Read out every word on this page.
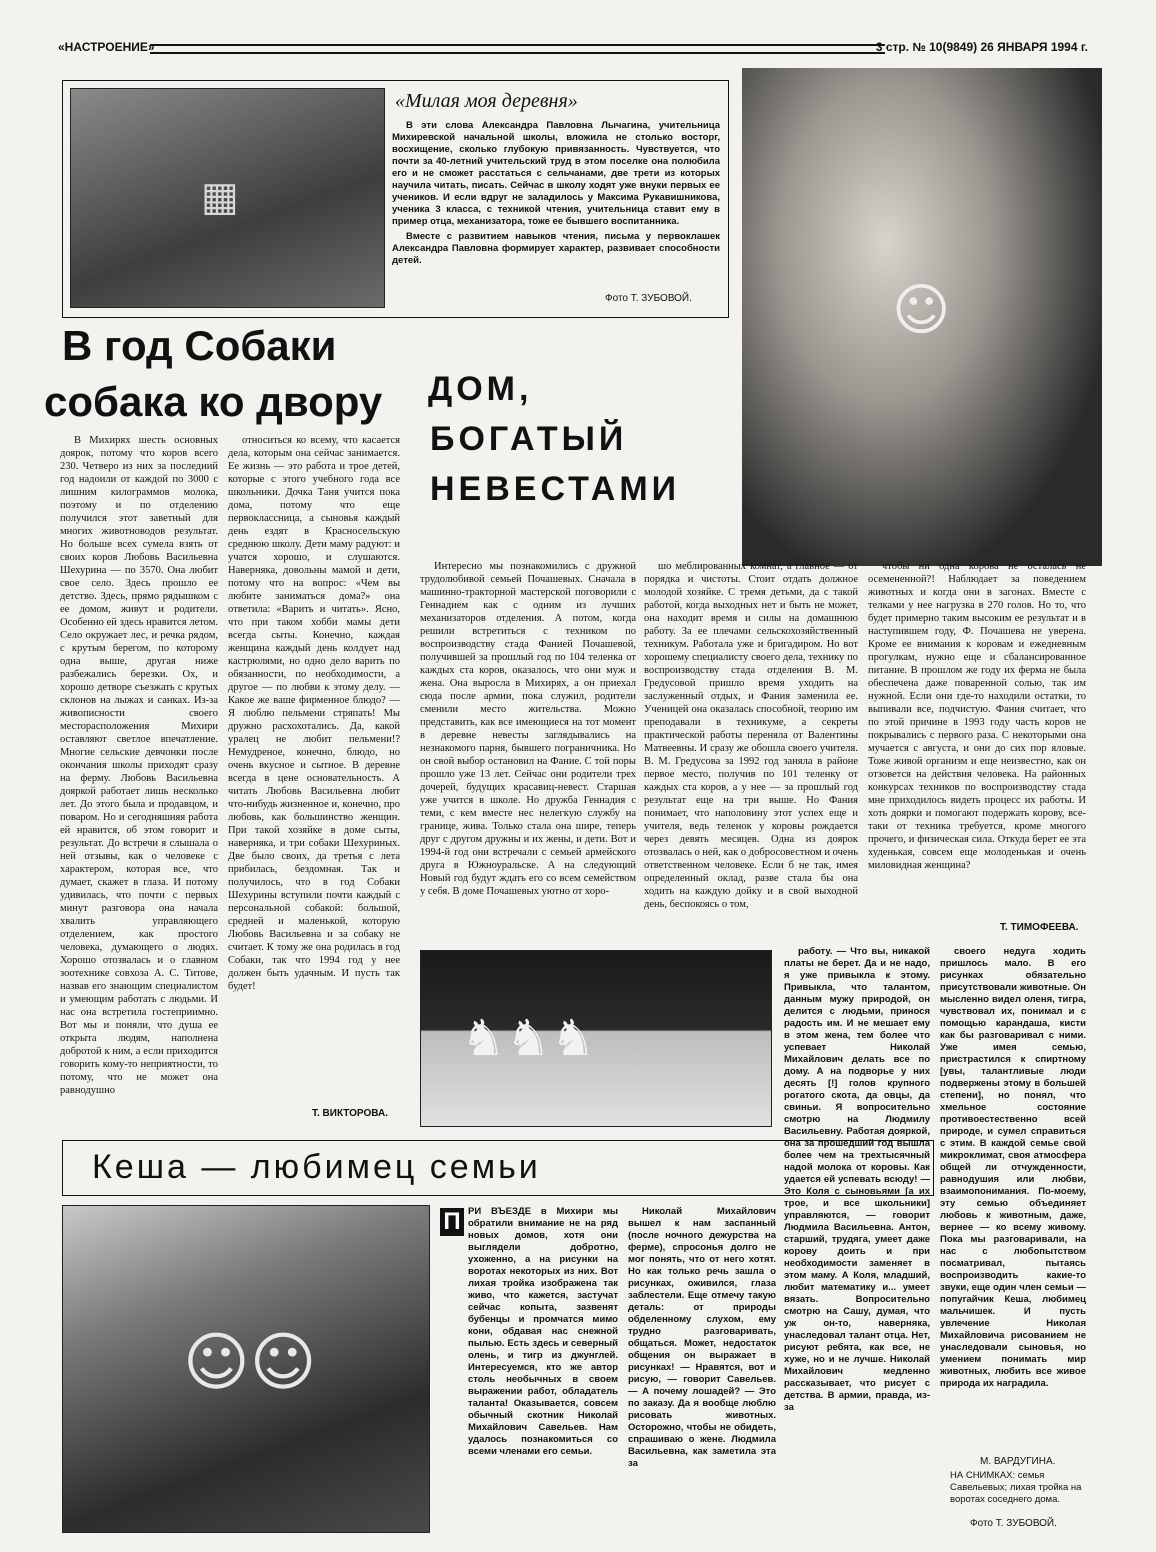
«НАСТРОЕНИЕ»	3 стр. № 10(9849) 26 ЯНВАРЯ 1994 г.
▦
«Милая моя деревня»

В эти слова Александра Павловна Лычагина, учительница Михиревской начальной школы, вложила не столько восторг, восхищение, сколько глубокую привязанность. Чувствуется, что почти за 40-летний учительский труд в этом поселке она полюбила его и не сможет расстаться с сельчанами, две трети из которых научила читать, писать. Сейчас в школу ходят уже внуки первых ее учеников. И если вдруг не заладилось у Максима Рукавишникова, ученика 3 класса, с техникой чтения, учительница ставит ему в пример отца, механизатора, тоже ее бывшего воспитанника.

Вместе с развитием навыков чтения, письма у первоклашек Александра Павловна формирует характер, развивает способности детей.

Фото Т. ЗУБОВОЙ.	☺
В год Собаки
собака ко двору ДОМ,
БОГАТЫЙ
НЕВЕСТАМИ

В Михирях шесть основных доярок, потому что коров всего 230. Четверо из них за последний год надоили от каждой по 3000 с лишним килограммов молока, поэтому и по отделению получился этот заветный для многих животноводов результат. Но больше всех сумела взять от своих коров Любовь Васильевна Шехурина — по 3570. Она любит свое село. Здесь прошло ее детство. Здесь, прямо рядышком с ее домом, живут и родители. Особенно ей здесь нравится летом. Село окружает лес, и речка рядом, с крутым берегом, по которому одна выше, другая ниже разбежались березки. Ох, и хорошо детворе съезжать с крутых склонов на лыжах и санках. Из-за живописности своего месторасположения Михири оставляют светлое впечатление. Многие сельские девчонки после окончания школы приходят сразу на ферму. Любовь Васильевна дояркой работает лишь несколько лет. До этого была и продавцом, и поваром. Но и сегодняшняя работа ей нравится, об этом говорит и результат. До встречи я слышала о ней отзывы, как о человеке с характером, которая все, что думает, скажет в глаза. И потому удивилась, что почти с первых минут разговора она начала хвалить управляющего отделением, как простого человека, думающего о людях. Хорошо отозвалась и о главном зоотехнике совхоза А. С. Титове, назвав его знающим специалистом и умеющим работать с людьми. И нас она встретила гостеприимно. Вот мы и поняли, что душа ее открыта людям, наполнена добротой к ним, а если приходится говорить кому-то неприятности, то потому, что не может она равнодушно

относиться ко всему, что касается дела, которым она сейчас занимается. Ее жизнь — это работа и трое детей, которые с этого учебного года все школьники. Дочка Таня учится пока дома, потому что еще первоклассница, а сыновья каждый день ездят в Красносельскую среднюю школу. Дети маму радуют: и учатся хорошо, и слушаются. Наверняка, довольны мамой и дети, потому что на вопрос: «Чем вы любите заниматься дома?» она ответила: «Варить и читать». Ясно, что при таком хобби мамы дети всегда сыты. Конечно, каждая женщина каждый день колдует над кастрюлями, но одно дело варить по обязанности, по необходимости, а другое — по любви к этому делу. — Какое же ваше фирменное блюдо? — Я люблю пельмени стряпать! Мы дружно расхохотались. Да, какой уралец не любит пельмени!? Немудреное, конечно, блюдо, но очень вкусное и сытное. В деревне всегда в цене основательность. А читать Любовь Васильевна любит что-нибудь жизненное и, конечно, про любовь, как большинство женщин. При такой хозяйке в доме сыты, наверняка, и три собаки Шехуриных. Две было своих, да третья с лета прибилась, бездомная. Так и получилось, что в год Собаки Шехурины вступили почти каждый с персональной собакой: большой, средней и маленькой, которую Любовь Васильевна и за собаку не считает. К тому же она родилась в год Собаки, так что 1994 год у нее должен быть удачным. И пусть так будет!

Т. ВИКТОРОВА.

Интересно мы познакомились с дружной трудолюбивой семьей Почашевых. Сначала в машинно-тракторной мастерской поговорили с Геннадием как с одним из лучших механизаторов отделения. А потом, когда решили встретиться с техником по воспроизводству стада Фанией Почашевой, получившей за прошлый год по 104 теленка от каждых ста коров, оказалось, что они муж и жена. Она выросла в Михирях, а он приехал сюда после армии, пока служил, родители сменили место жительства. Можно представить, как все имеющиеся на тот момент в деревне невесты заглядывались на незнакомого парня, бывшего пограничника. Но он свой выбор остановил на Фание. С той поры прошло уже 13 лет. Сейчас они родители трех дочерей, будущих красавиц-невест. Старшая уже учится в школе. Но дружба Геннадия с теми, с кем вместе нес нелегкую службу на границе, жива. Только стала она шире, теперь друг с другом дружны и их жены, и дети. Вот и 1994-й год они встречали с семьей армейского друга в Южноуральске. А на следующий Новый год будут ждать его со всем семейством у себя. В доме Почашевых уютно от хоро-

шо меблированных комнат, а главное — от порядка и чистоты. Стоит отдать должное молодой хозяйке. С тремя детьми, да с такой работой, когда выходных нет и быть не может, она находит время и силы на домашнюю работу. За ее плечами сельскохозяйственный техникум. Работала уже и бригадиром. Но вот хорошему специалисту своего дела, технику по воспроизводству стада отделения В. М. Гредусовой пришло время уходить на заслуженный отдых, и Фания заменила ее. Ученицей она оказалась способной, теорию им преподавали в техникуме, а секреты практической работы переняла от Валентины Матвеевны. И сразу же обошла своего учителя. В. М. Гредусова за 1992 год заняла в районе первое место, получив по 101 теленку от каждых ста коров, а у нее — за прошлый год результат еще на три выше. Но Фания понимает, что наполовину этот успех еще и учителя, ведь теленок у коровы рождается через девять месяцев. Одна из доярок отозвалась о ней, как о добросовестном и очень ответственном человеке. Если б не так, имея определенный оклад, разве стала бы она ходить на каждую дойку и в свой выходной день, беспокоясь о том,

чтобы ни одна корова не осталась не осемененной?! Наблюдает за поведением животных и когда они в загонах. Вместе с телками у нее нагрузка в 270 голов. Но то, что будет примерно таким высоким ее результат и в наступившем году, Ф. Почашева не уверена. Кроме ее внимания к коровам и ежедневным прогулкам, нужно еще и сбалансированное питание. В прошлом же году их ферма не была обеспечена даже поваренной солью, так им нужной. Если они где-то находили остатки, то выпивали все, подчистую. Фания считает, что по этой причине в 1993 году часть коров не покрывались с первого раза. С некоторыми она мучается с августа, и они до сих пор яловые. Тоже живой организм и еще неизвестно, как он отзовется на действия человека. На районных конкурсах техников по воспроизводству стада мне приходилось видеть процесс их работы. И хоть доярки и помогают подержать корову, все-таки от техника требуется, кроме многого прочего, и физическая сила. Откуда берет ее эта худенькая, совсем еще молоденькая и очень миловидная женщина?

Т. ТИМОФЕЕВА.
♞♞♞
Кеша — любимец семьи
☺☺
П РИ ВЪЕЗДЕ в Михири мы обратили внимание не на ряд новых домов, хотя они выглядели добротно, ухоженно, а на рисунки на воротах некоторых из них. Вот лихая тройка изображена так живо, что кажется, застучат сейчас копыта, зазвенят бубенцы и промчатся мимо кони, обдавая нас снежной пылью. Есть здесь и северный олень, и тигр из джунглей. Интересуемся, кто же автор столь необычных в своем выражении работ, обладатель таланта! Оказывается, совсем обычный скотник Николай Михайлович Савельев. Нам удалось познакомиться со всеми членами его семьи.

Николай Михайлович вышел к нам заспанный (после ночного дежурства на ферме), спросонья долго не мог понять, что от него хотят. Но как только речь зашла о рисунках, оживился, глаза заблестели. Еще отмечу такую деталь: от природы обделенному слухом, ему трудно разговаривать, общаться. Может, недостаток общения он выражает в рисунках! — Нравятся, вот и рисую, — говорит Савельев. — А почему лошадей? — Это по заказу. Да я вообще люблю рисовать животных. Осторожно, чтобы не обидеть, спрашиваю о жене. Людмила Васильевна, как заметила эта за

работу. — Что вы, никакой платы не берет. Да и не надо, я уже привыкла к этому. Привыкла, что талантом, данным мужу природой, он делится с людьми, принося радость им. И не мешает ему в этом жена, тем более что успевает Николай Михайлович делать все по дому. А на подворье у них десять [!] голов крупного рогатого скота, да овцы, да свиньи. Я вопросительно смотрю на Людмилу Васильевну. Работая дояркой, она за прошедший год вышла более чем на трехтысячный надой молока от коровы. Как удается ей успевать всюду! — Это Коля с сыновьями [а их трое, и все школьники] управляются, — говорит Людмила Васильевна. Антон, старший, трудяга, умеет даже корову доить и при необходимости заменяет в этом маму. А Коля, младший, любит математику и... умеет вязать. Вопросительно смотрю на Сашу, думая, что уж он-то, наверняка, унаследовал талант отца. Нет, рисуют ребята, как все, не хуже, но и не лучше. Николай Михайлович медленно рассказывает, что рисует с детства. В армии, правда, из-за

своего недуга ходить пришлось мало. В его рисунках обязательно присутствовали животные. Он мысленно видел оленя, тигра, чувствовал их, понимал и с помощью карандаша, кисти как бы разговаривал с ними. Уже имея семью, пристрастился к спиртному [увы, талантливые люди подвержены этому в большей степени], но понял, что хмельное состояние противоестественно всей природе, и сумел справиться с этим. В каждой семье свой микроклимат, своя атмосфера общей ли отчужденности, равнодушия или любви, взаимопонимания. По-моему, эту семью объединяет любовь к животным, даже, вернее — ко всему живому. Пока мы разговаривали, на нас с любопытством посматривал, пытаясь воспроизводить какие-то звуки, еще один член семьи — попугайчик Кеша, любимец мальчишек. И пусть увлечение Николая Михайловича рисованием не унаследовали сыновья, но умением понимать мир животных, любить все живое природа их наградила.

М. ВАРДУГИНА.
НА СНИМКАХ: семья Савельевых; лихая тройка на воротах соседнего дома.
Фото Т. ЗУБОВОЙ.
